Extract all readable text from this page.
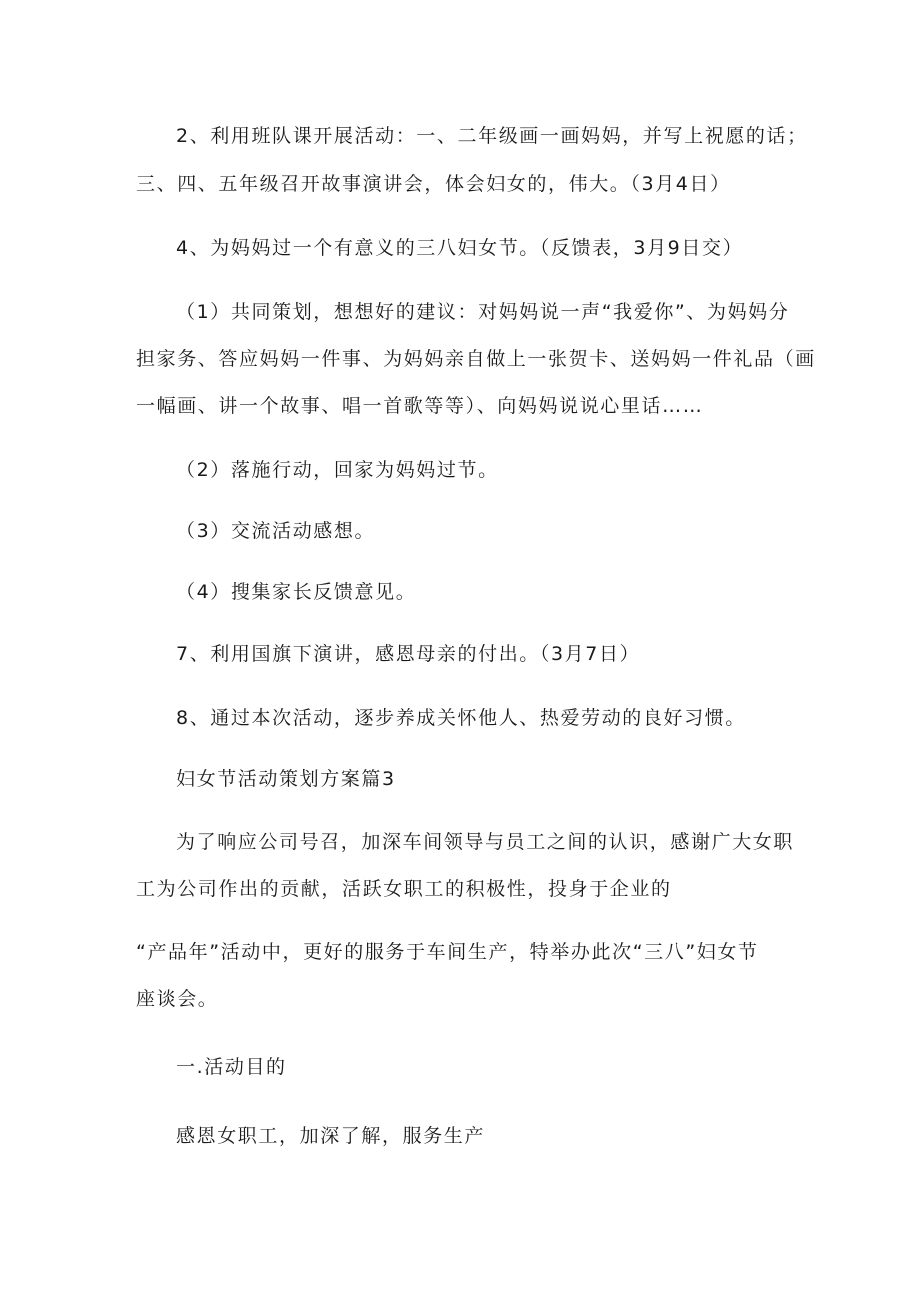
2、利用班队课开展活动：一、二年级画一画妈妈，并写上祝愿的话；
三、四、五年级召开故事演讲会，体会妇女的，伟大。（3月4日）
4、为妈妈过一个有意义的三八妇女节。（反馈表，3月9日交）
（1）共同策划，想想好的建议：对妈妈说一声“我爱你”、为妈妈分
担家务、答应妈妈一件事、为妈妈亲自做上一张贺卡、送妈妈一件礼品（画
一幅画、讲一个故事、唱一首歌等等）、向妈妈说说心里话……
（2）落施行动，回家为妈妈过节。
（3）交流活动感想。
（4）搜集家长反馈意见。
7、利用国旗下演讲，感恩母亲的付出。（3月7日）
8、通过本次活动，逐步养成关怀他人、热爱劳动的良好习惯。
妇女节活动策划方案篇3
为了响应公司号召，加深车间领导与员工之间的认识，感谢广大女职
工为公司作出的贡献，活跃女职工的积极性，投身于企业的
“产品年”活动中，更好的服务于车间生产，特举办此次“三八”妇女节
座谈会。
一.活动目的
感恩女职工，加深了解，服务生产
